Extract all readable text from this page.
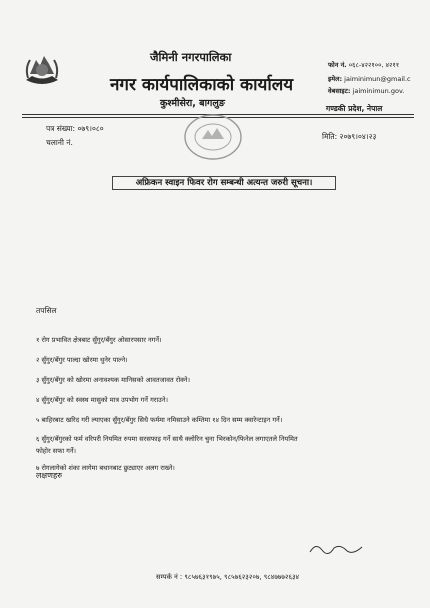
जैमिनी नगरपालिका
नगर कार्यपालिकाको कार्यालय
कुश्मीसेरा, बागलुङ
फोन नं. ०६८-४२२१००, ४२११
इमेल: jaiminimun@gmail.c
वेबसाइट: jaiminimun.gov.
गण्डकी प्रदेश, नेपाल
पत्र संख्या: ०७९।०८०
चलानी नं.
मिति: २०७९।०४।२३
अफ्रिकन स्वाइन फिवर रोग सम्बन्धी अत्यन्त जरुरी सूचना।
तपसिल
१ रोग प्रभावित क्षेत्रबाट सुँगुर/बँगुर ओसारपसार नगर्ने।
२ सुँगुर/बँगुर पाल्दा खोरमा थुनेर पाल्ने।
३ सुँगुर/बँगुर को खोरमा अनावश्यक मानिसको आवतजावत रोक्ने।
४ सुँगुर/बँगुर को स्वस्थ मासुको मात्र उपभोग गर्ने गराउने।
५ बाहिरबाट खरिद गरी ल्याएका सुँगुर/बँगुर सिधै फर्ममा नमिसाउने कम्तिमा १४ दिन सम्म क्वारेन्टाइन गर्ने।
६ सुँगुर/बँगुरको फर्म वरिपरी नियमित रुपमा सरसफाइ गर्ने साथै क्लोरिन चुना भिरकोन/फिनेल लगाएतले नियमित
फोहोर सफा गर्ने।
७ रोगलागेको शंका लागेमा बथानबाट छुट्याएर अलग राख्ने।
लक्षणहरु
सम्पर्क नं : ९८५७६३१९७५, ९८५७६२३२०७, ९८४७७७२६३४
